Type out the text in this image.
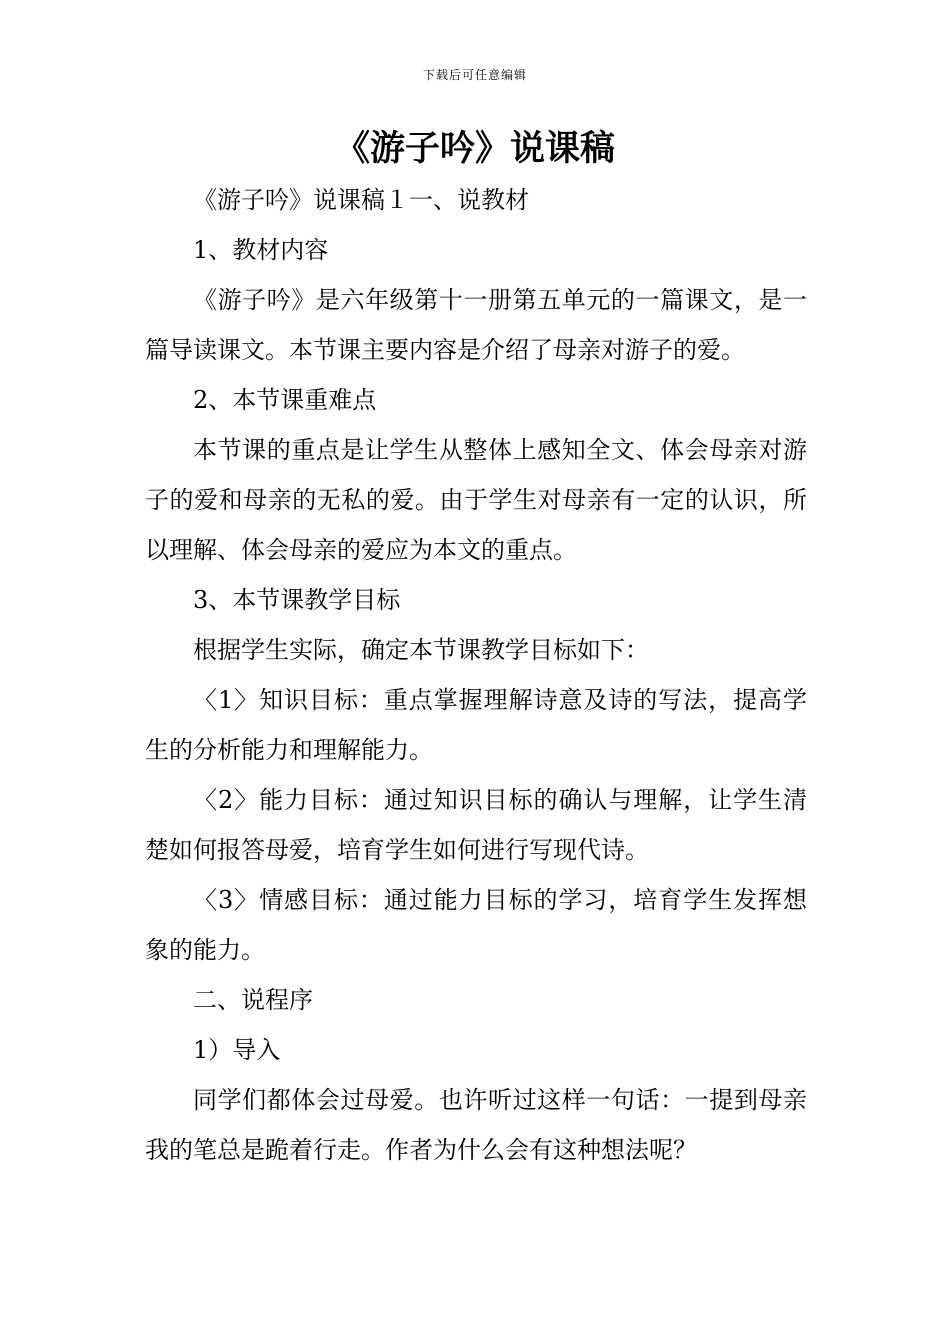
下载后可任意编辑
《游子吟》说课稿

《游子吟》说课稿１一、说教材

1、教材内容

《游子吟》是六年级第十一册第五单元的一篇课文，是一篇导读课文。本节课主要内容是介绍了母亲对游子的爱。

2、本节课重难点

本节课的重点是让学生从整体上感知全文、体会母亲对游子的爱和母亲的无私的爱。由于学生对母亲有一定的认识，所以理解、体会母亲的爱应为本文的重点。

3、本节课教学目标

根据学生实际，确定本节课教学目标如下：

〈1〉知识目标：重点掌握理解诗意及诗的写法，提高学生的分析能力和理解能力。

〈2〉能力目标：通过知识目标的确认与理解，让学生清楚如何报答母爱，培育学生如何进行写现代诗。

〈3〉情感目标：通过能力目标的学习，培育学生发挥想象的能力。

二、说程序

1）导入

同学们都体会过母爱。也许听过这样一句话：一提到母亲我的笔总是跪着行走。作者为什么会有这种想法呢？
